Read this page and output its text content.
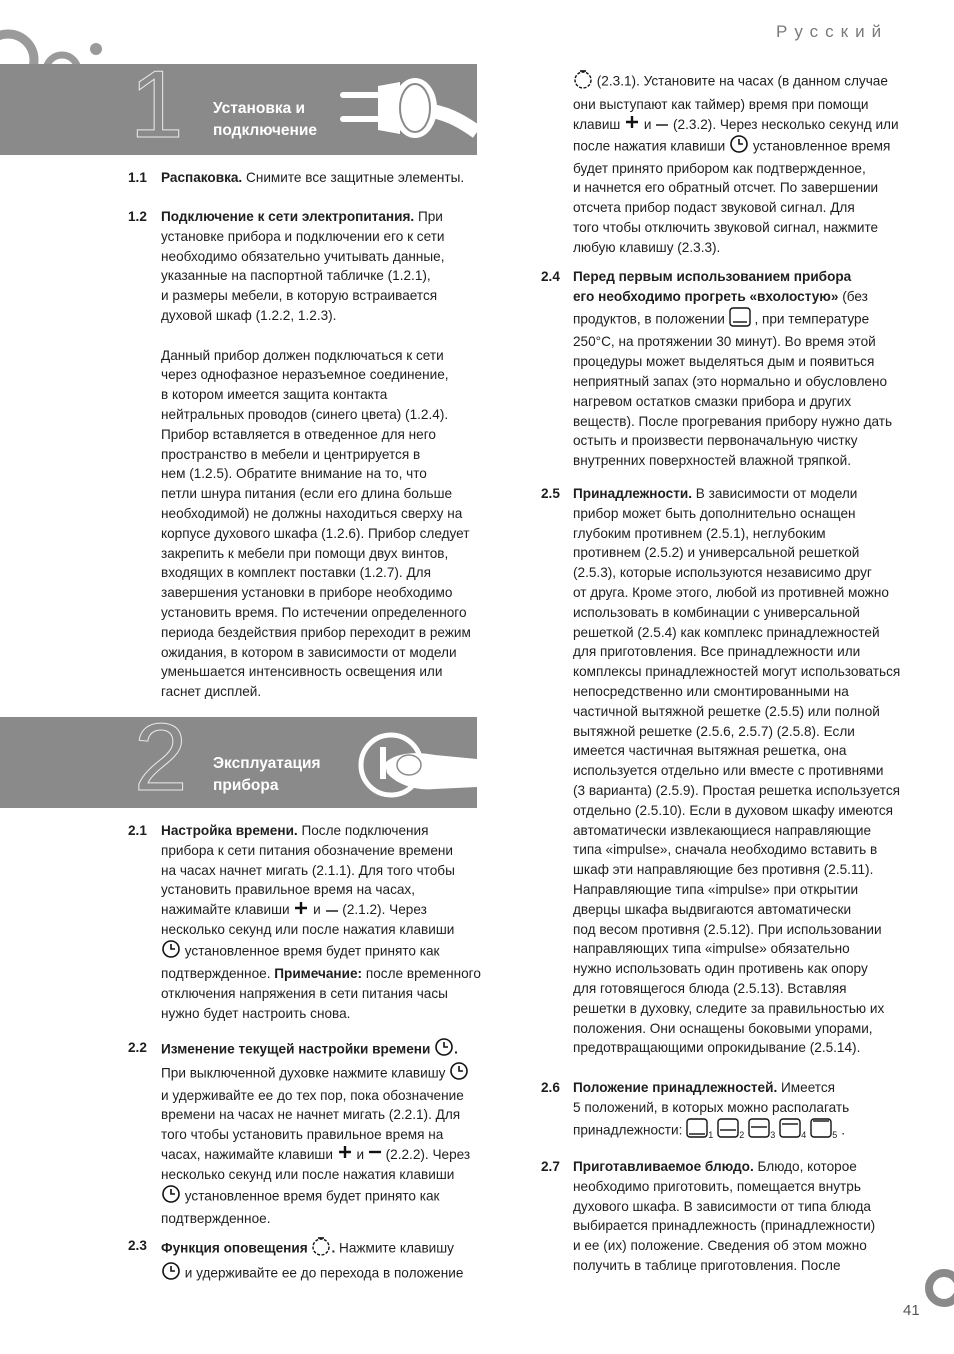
Русский
1 Установка и
подключение
1.1 Распаковка. Снимите все защитные элементы.
1.2 Подключение к сети электропитания. При
установке прибора и подключении его к сети
необходимо обязательно учитывать данные,
указанные на паспортной табличке (1.2.1),
и размеры мебели, в которую встраивается
духовой шкаф (1.2.2, 1.2.3).
Данный прибор должен подключаться к сети
через однофазное неразъемное соединение,
в котором имеется защита контакта
нейтральных проводов (синего цвета) (1.2.4).
Прибор вставляется в отведенное для него
пространство в мебели и центрируется в
нем (1.2.5). Обратите внимание на то, что
петли шнура питания (если его длина больше
необходимой) не должны находиться сверху на
корпусе духового шкафа (1.2.6). Прибор следует
закрепить к мебели при помощи двух винтов,
входящих в комплект поставки (1.2.7). Для
завершения установки в приборе необходимо
установить время. По истечении определенного
периода бездействия прибор переходит в режим
ожидания, в котором в зависимости от модели
уменьшается интенсивность освещения или
гаснет дисплей.
2 Эксплуатация
прибора
2.1 Настройка времени. После подключения
прибора к сети питания обозначение времени
на часах начнет мигать (2.1.1). Для того чтобы
установить правильное время на часах,
нажимайте клавиши  и  (2.1.2). Через
несколько секунд или после нажатия клавиши
установленное время будет принято как
подтвержденное. Примечание: после временного
отключения напряжения в сети питания часы
нужно будет настроить снова.
2.2 Изменение текущей настройки времени .
При выключенной духовке нажмите клавишу
и удерживайте ее до тех пор, пока обозначение
времени на часах не начнет мигать (2.2.1). Для
того чтобы установить правильное время на
часах, нажимайте клавиши  и  (2.2.2). Через
несколько секунд или после нажатия клавиши
установленное время будет принято как
подтвержденное.
2.3 Функция оповещения . Нажмите клавишу
и удерживайте ее до перехода в положение
(2.3.1). Установите на часах (в данном случае
они выступают как таймер) время при помощи
клавиш  и  (2.3.2). Через несколько секунд или
после нажатия клавиши  установленное время
будет принято прибором как подтвержденное,
и начнется его обратный отсчет. По завершении
отсчета прибор подаст звуковой сигнал. Для
того чтобы отключить звуковой сигнал, нажмите
любую клавишу (2.3.3).
2.4 Перед первым использованием прибора
его необходимо прогреть «вхолостую» (без
продуктов, в положении  , при температуре
250°C, на протяжении 30 минут). Во время этой
процедуры может выделяться дым и появиться
неприятный запах (это нормально и обусловлено
нагревом остатков смазки прибора и других
веществ). После прогревания прибору нужно дать
остыть и произвести первоначальную чистку
внутренних поверхностей влажной тряпкой.
2.5 Принадлежности. В зависимости от модели
прибор может быть дополнительно оснащен
глубоким противнем (2.5.1), неглубоким
противнем (2.5.2) и универсальной решеткой
(2.5.3), которые используются независимо друг
от друга. Кроме этого, любой из противней можно
использовать в комбинации с универсальной
решеткой (2.5.4) как комплекс принадлежностей
для приготовления. Все принадлежности или
комплексы принадлежностей могут использоваться
непосредственно или смонтированными на
частичной вытяжной решетке (2.5.5) или полной
вытяжной решетке (2.5.6, 2.5.7) (2.5.8). Если
имеется частичная вытяжная решетка, она
используется отдельно или вместе с противнями
(3 варианта) (2.5.9). Простая решетка используется
отдельно (2.5.10). Если в духовом шкафу имеются
автоматически извлекающиеся направляющие
типа «impulse», сначала необходимо вставить в
шкаф эти направляющие без противня (2.5.11).
Направляющие типа «impulse» при открытии
дверцы шкафа выдвигаются автоматически
под весом противня (2.5.12). При использовании
направляющих типа «impulse» обязательно
нужно использовать один противень как опору
для готовящегося блюда (2.5.13). Вставляя
решетки в духовку, следите за правильностью их
положения. Они оснащены боковыми упорами,
предотвращающими опрокидывание (2.5.14).
2.6 Положение принадлежностей. Имеется
5 положений, в которых можно располагать
принадлежности: $_1$	$_2$	$_3$	$_4$	$_5$ .
2.7 Приготавливаемое блюдо. Блюдо, которое
необходимо приготовить, помещается внутрь
духового шкафа. В зависимости от типа блюда
выбирается принадлежность (принадлежности)
и ее (их) положение. Сведения об этом можно
получить в таблице приготовления. После
41
